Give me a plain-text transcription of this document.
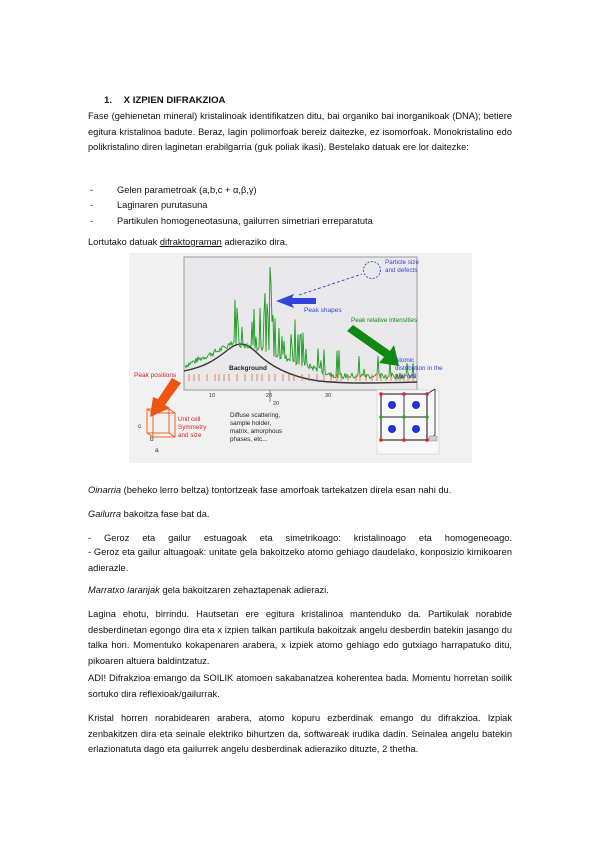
1. X IZPIEN DIFRAKZIOA

Fase (gehienetan mineral) kristalinoak identifikatzen ditu, bai organiko bai inorganikoak (DNA); betiere egitura kristalinoa badute. Beraz, lagin polimorfoak bereiz daitezke, ez isomorfoak. Monokristalino edo polikristalino diren laginetan erabilgarria (guk poliak ikasi). Bestelako datuak ere lor daitezke:

-	Gelen parametroak (a,b,c + α,β,γ)
-	Laginaren purutasuna
-	Partikulen homogeneotasuna, gailurren simetriari erreparatuta

Lortutako datuak difraktograman adieraziko dira.

10	20	30
20
Background
Peak positions
Particle size
and defects
Peak shapes
Peak relative intensities
Atomic
distribution in the
unit cell
c
b
a
Unit cell
Symmetry
and size
Diffuse scattering,
sample holder,
matrix, amorphous
phases, etc...

Oinarria (beheko lerro beltza) tontortzeak fase amorfoak tartekatzen direla esan nahi du.

Gailurra bakoitza fase bat da.

- Geroz eta gailur estuagoak eta simetrikoago: kristalinoago eta homogeneoago.

- Geroz eta gailur altuagoak: unitate gela bakoitzeko atomo gehiago daudelako, konposizio kimikoaren adierazle.

Marratxo laranjak gela bakoitzaren zehaztapenak adierazi.

Lagina ehotu, birrindu. Hautsetan ere egitura kristalinoa mantenduko da. Partikulak norabide desberdinetan egongo dira eta x izpien talkan partikula bakoitzak angelu desberdin batekin jasango du talka hori. Momentuko kokapenaren arabera, x izpiek atomo gehiago edo gutxiago harrapatuko ditu, pikoaren altuera baldintzatuz.

ADI! Difrakzioa emango da SOILIK atomoen sakabanatzea koherentea bada. Momentu horretan soilik sortuko dira reflexioak/gailurrak.

Kristal horren norabidearen arabera, atomo kopuru ezberdinak emango du difrakzioa. Izpiak zenbakitzen dira eta seinale elektriko bihurtzen da, softwareak irudika dadin. Seinalea angelu batekin erlazionatuta dago eta gailurrek angelu desberdinak adieraziko dituzte, 2 thetha.
